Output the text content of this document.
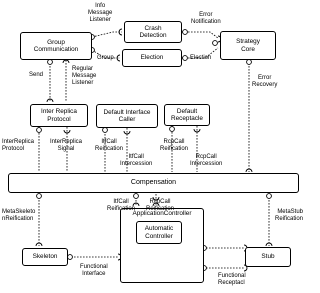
Group
Communication
Crash
Detection
Election
Strategy
Core
Inter Replica
Protocol
Default Interface
Caller
Default
Receptacle
Compensation
Skeleton
ApplicationController
Automatic
Controller
Stub
Info
Message
Listener
Error
Notification
Group	Election
Send
Regular
Message
Listener
Error
Recovery
InterReplica
Protocol
InterReplica
Signal
ItfCall
Reification
ItfCall
Intercession
RcpCall
Reification
RcpCall
Intercession
MetaSkeleto
nReification
MetaStub
Reification
ItfCall
Reification
RcpCall
Reification
Functional
Interface	Functional
Receptacl
